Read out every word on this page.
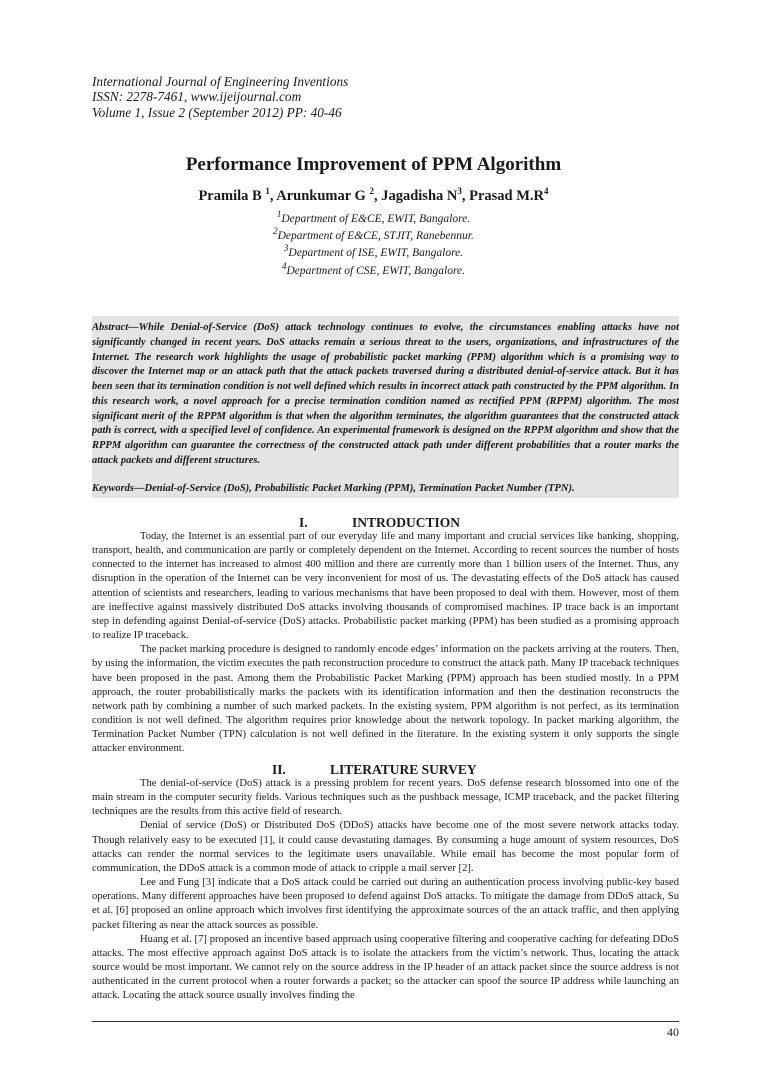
International Journal of Engineering Inventions
ISSN: 2278-7461, www.ijeijournal.com
Volume 1, Issue 2 (September 2012) PP: 40-46
Performance Improvement of PPM Algorithm
Pramila B $^1$, Arunkumar G $^2$, Jagadisha $N^3$, Prasad $M.R^4$
$^1$Department of E&CE, EWIT, Bangalore.
$^2$Department of E&CE, STJIT, Ranebennur.
$^3$Department of ISE, EWIT, Bangalore.
$^4$Department of CSE, EWIT, Bangalore.
Abstract—While Denial-of-Service (DoS) attack technology continues to evolve, the circumstances enabling attacks have not significantly changed in recent years. DoS attacks remain a serious threat to the users, organizations, and infrastructures of the Internet. The research work highlights the usage of probabilistic packet marking (PPM) algorithm which is a promising way to discover the Internet map or an attack path that the attack packets traversed during a distributed denial-of-service attack. But it has been seen that its termination condition is not well defined which results in incorrect attack path constructed by the PPM algorithm. In this research work, a novel approach for a precise termination condition named as rectified PPM (RPPM) algorithm. The most significant merit of the RPPM algorithm is that when the algorithm terminates, the algorithm guarantees that the constructed attack path is correct, with a specified level of confidence. An experimental framework is designed on the RPPM algorithm and show that the RPPM algorithm can guarantee the correctness of the constructed attack path under different probabilities that a router marks the attack packets and different structures.
Keywords—Denial-of-Service (DoS), Probabilistic Packet Marking (PPM), Termination Packet Number (TPN).
I.	INTRODUCTION

Today, the Internet is an essential part of our everyday life and many important and crucial services like banking, shopping, transport, health, and communication are partly or completely dependent on the Internet. According to recent sources the number of hosts connected to the internet has increased to almost 400 million and there are currently more than 1 billion users of the Internet. Thus, any disruption in the operation of the Internet can be very inconvenient for most of us. The devastating effects of the DoS attack has caused attention of scientists and researchers, leading to various mechanisms that have been proposed to deal with them. However, most of them are ineffective against massively distributed DoS attacks involving thousands of compromised machines. IP trace back is an important step in defending against Denial-of-service (DoS) attacks. Probabilistic packet marking (PPM) has been studied as a promising approach to realize IP traceback.

The packet marking procedure is designed to randomly encode edges’ information on the packets arriving at the routers. Then, by using the information, the victim executes the path reconstruction procedure to construct the attack path. Many IP traceback techniques have been proposed in the past. Among them the Probabilistic Packet Marking (PPM) approach has been studied mostly. In a PPM approach, the router probabilistically marks the packets with its identification information and then the destination reconstructs the network path by combining a number of such marked packets. In the existing system, PPM algorithm is not perfect, as its termination condition is not well defined. The algorithm requires prior knowledge about the network topology. In packet marking algorithm, the Termination Packet Number (TPN) calculation is not well defined in the literature. In the existing system it only supports the single attacker environment.

II.	LITERATURE SURVEY

The denial-of-service (DoS) attack is a pressing problem for recent years. DoS defense research blossomed into one of the main stream in the computer security fields. Various techniques such as the pushback message, ICMP traceback, and the packet filtering techniques are the results from this active field of research.

Denial of service (DoS) or Distributed DoS (DDoS) attacks have become one of the most severe network attacks today. Though relatively easy to be executed [1], it could cause devastating damages. By consuming a huge amount of system resources, DoS attacks can render the normal services to the legitimate users unavailable. While email has become the most popular form of communication, the DDoS attack is a common mode of attack to cripple a mail server [2].

Lee and Fung [3] indicate that a DoS attack could be carried out during an authentication process involving public-key based operations. Many different approaches have been proposed to defend against DoS attacks. To mitigate the damage from DDoS attack, Su et al. [6] proposed an online approach which involves first identifying the approximate sources of the an attack traffic, and then applying packet filtering as near the attack sources as possible.

Huang et al. [7] proposed an incentive based approach using cooperative filtering and cooperative caching for defeating DDoS attacks. The most effective approach against DoS attack is to isolate the attackers from the victim’s network. Thus, locating the attack source would be most important. We cannot rely on the source address in the IP header of an attack packet since the source address is not authenticated in the current protocol when a router forwards a packet; so the attacker can spoof the source IP address while launching an attack. Locating the attack source usually involves finding the

40
